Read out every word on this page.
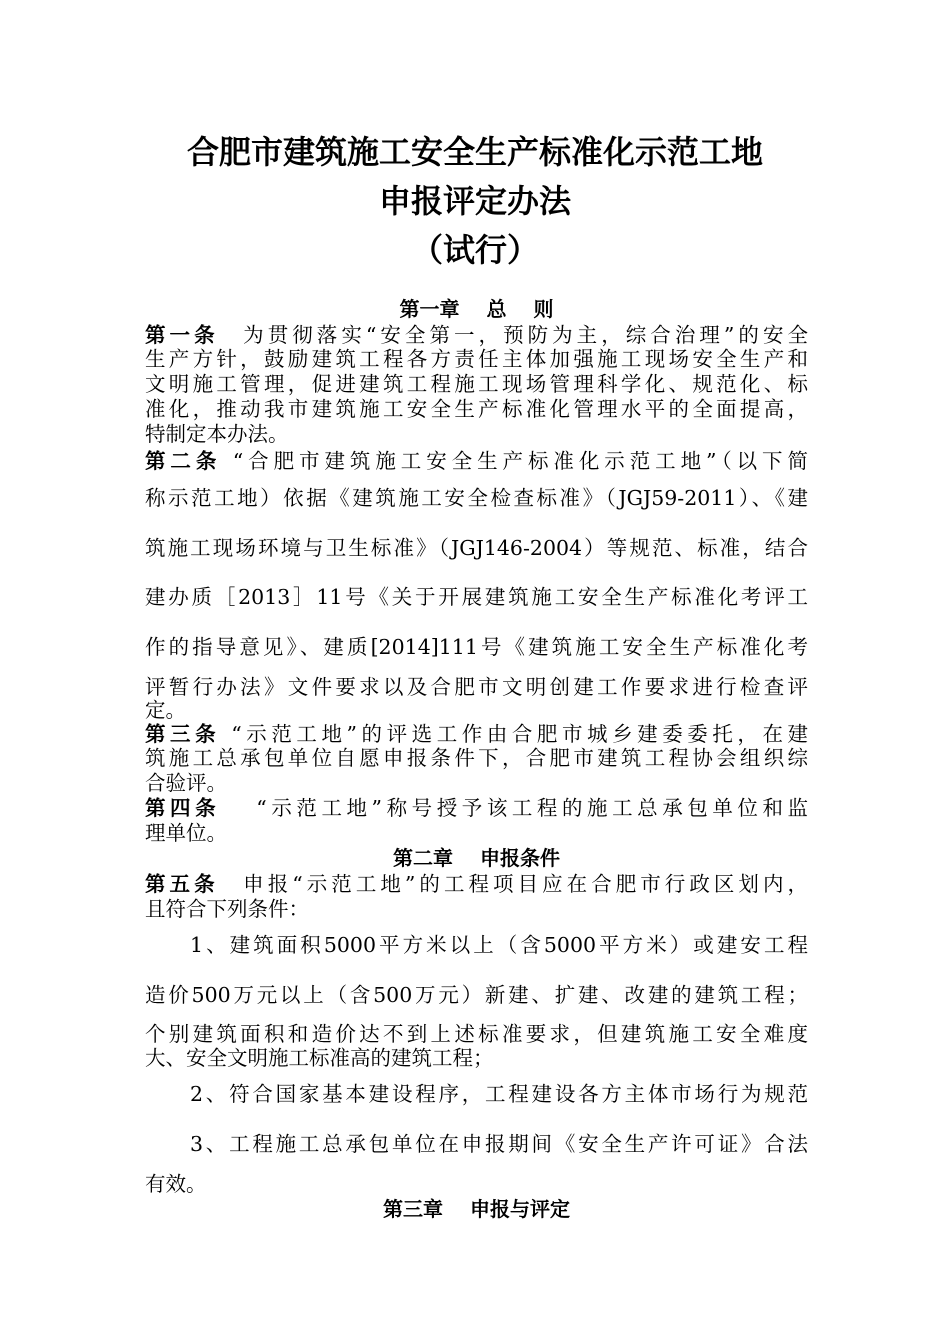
合肥市建筑施工安全生产标准化示范工地
申报评定办法
（试行）
第一章　 总　 则
第一条　为贯彻落实“安全第一，预防为主，综合治理”的安全
生产方针，鼓励建筑工程各方责任主体加强施工现场安全生产和
文明施工管理，促进建筑工程施工现场管理科学化、规范化、标
准化，推动我市建筑施工安全生产标准化管理水平的全面提高，
特制定本办法。
第二条 “合肥市建筑施工安全生产标准化示范工地”（以下简
称示范工地）依据《建筑施工安全检查标准》（JGJ59-2011）、《建
筑施工现场环境与卫生标准》（JGJ146-2004）等规范、标准，结合
建办质［2013］11号《关于开展建筑施工安全生产标准化考评工
作的指导意见》、建质[2014]111号《建筑施工安全生产标准化考
评暂行办法》文件要求以及合肥市文明创建工作要求进行检查评
定。
第三条 “示范工地”的评选工作由合肥市城乡建委委托，在建
筑施工总承包单位自愿申报条件下，合肥市建筑工程协会组织综
合验评。
第四条　 “示范工地”称号授予该工程的施工总承包单位和监
理单位。
第二章　 申报条件
第五条　申报“示范工地”的工程项目应在合肥市行政区划内，
且符合下列条件：
1、建筑面积5000平方米以上（含5000平方米）或建安工程
造价500万元以上（含500万元）新建、扩建、改建的建筑工程；
个别建筑面积和造价达不到上述标准要求，但建筑施工安全难度
大、安全文明施工标准高的建筑工程；
2、符合国家基本建设程序，工程建设各方主体市场行为规范
3、工程施工总承包单位在申报期间《安全生产许可证》合法
有效。
第三章　 申报与评定
